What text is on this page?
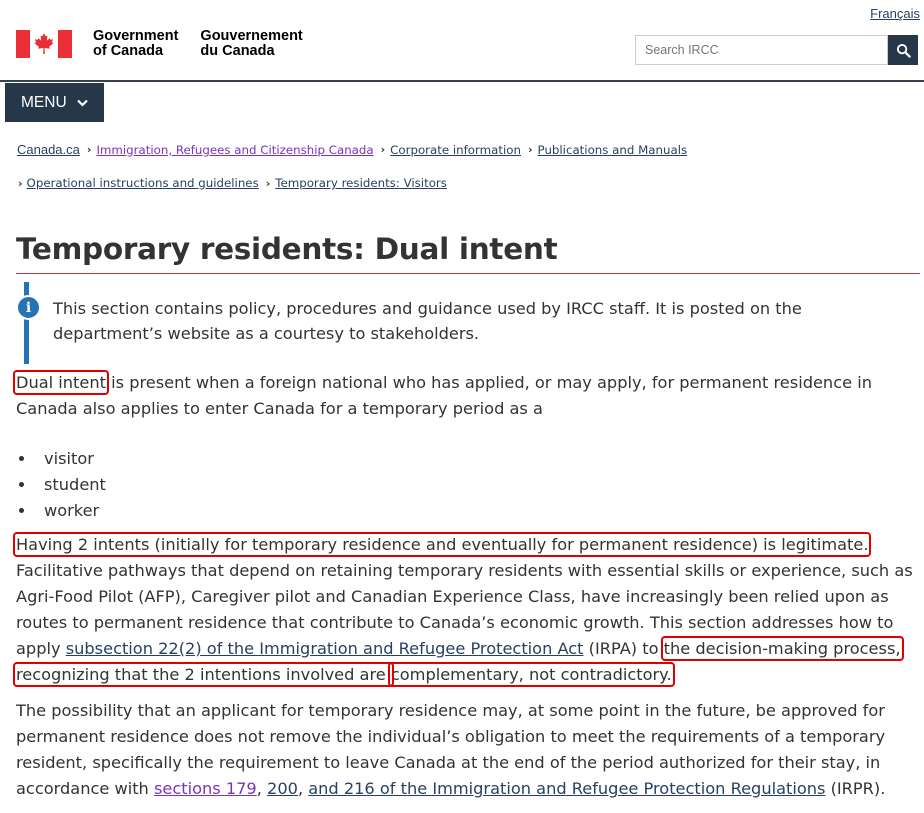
Français
Government
of Canada
Gouvernement
du Canada
Search IRCC
MENU
Canada.ca › Immigration, Refugees and Citizenship Canada › Corporate information › Publications and Manuals
› Operational instructions and guidelines › Temporary residents: Visitors
Temporary residents: Dual intent
i	This section contains policy, procedures and guidance used by IRCC staff. It is posted on the department’s website as a courtesy to stakeholders.

Dual intent is present when a foreign national who has applied, or may apply, for permanent residence in Canada also applies to enter Canada for a temporary period as a

• visitor
• student
• worker

Having 2 intents (initially for temporary residence and eventually for permanent residence) is legitimate. Facilitative pathways that depend on retaining temporary residents with essential skills or experience, such as Agri-Food Pilot (AFP), Caregiver pilot and Canadian Experience Class, have increasingly been relied upon as routes to permanent residence that contribute to Canada’s economic growth. This section addresses how to apply subsection 22(2) of the Immigration and Refugee Protection Act (IRPA) to the decision-making process, recognizing that the 2 intentions involved are complementary, not contradictory.

The possibility that an applicant for temporary residence may, at some point in the future, be approved for permanent residence does not remove the individual’s obligation to meet the requirements of a temporary resident, specifically the requirement to leave Canada at the end of the period authorized for their stay, in accordance with sections 179, 200, and 216 of the Immigration and Refugee Protection Regulations (IRPR).
